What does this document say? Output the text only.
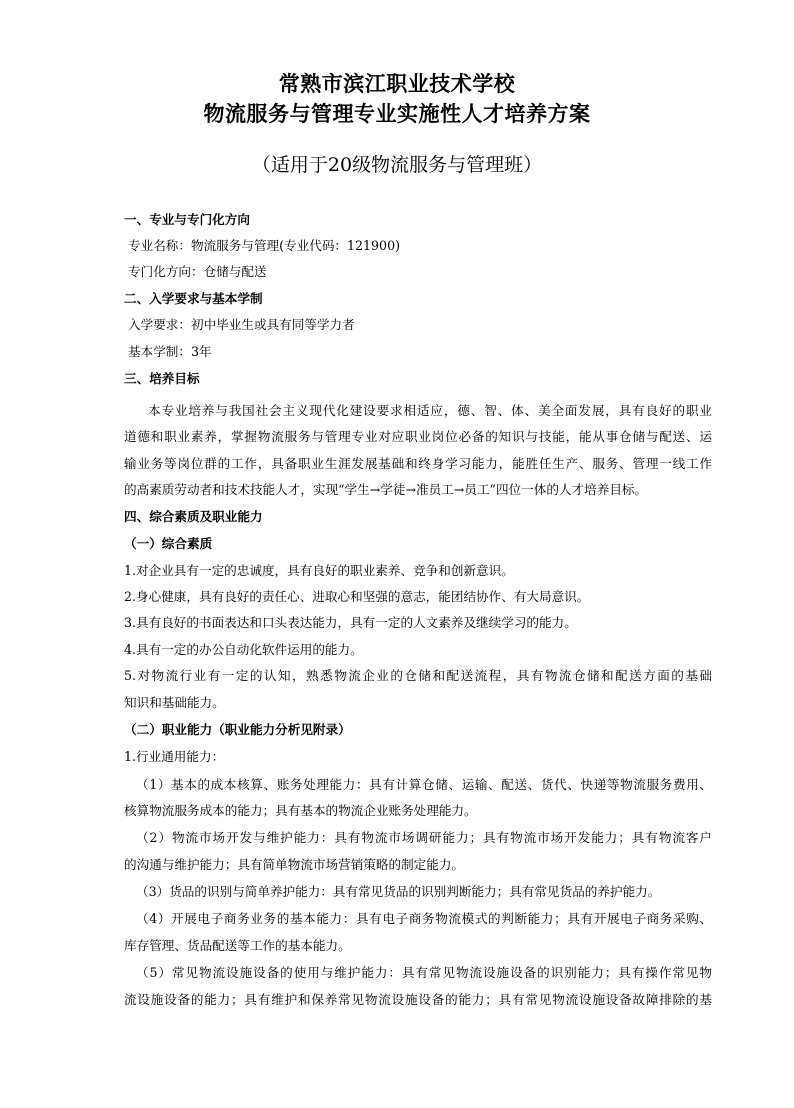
常熟市滨江职业技术学校
物流服务与管理专业实施性人才培养方案
（适用于20级物流服务与管理班）
一、专业与专门化方向
专业名称：物流服务与管理(专业代码：121900)
专门化方向：仓储与配送
二、入学要求与基本学制
入学要求：初中毕业生或具有同等学力者
基本学制：3年
三、培养目标
本专业培养与我国社会主义现代化建设要求相适应，德、智、体、美全面发展，具有良好的职业
道德和职业素养，掌握物流服务与管理专业对应职业岗位必备的知识与技能，能从事仓储与配送、运
输业务等岗位群的工作，具备职业生涯发展基础和终身学习能力，能胜任生产、服务、管理一线工作
的高素质劳动者和技术技能人才，实现“学生→学徒→准员工→员工”四位一体的人才培养目标。
四、综合素质及职业能力
（一）综合素质
1.对企业具有一定的忠诚度，具有良好的职业素养、竞争和创新意识。
2.身心健康，具有良好的责任心、进取心和坚强的意志，能团结协作、有大局意识。
3.具有良好的书面表达和口头表达能力，具有一定的人文素养及继续学习的能力。
4.具有一定的办公自动化软件运用的能力。
5.对物流行业有一定的认知，熟悉物流企业的仓储和配送流程，具有物流仓储和配送方面的基础
知识和基础能力。
（二）职业能力（职业能力分析见附录）
1.行业通用能力：
（1）基本的成本核算、账务处理能力：具有计算仓储、运输、配送、货代、快递等物流服务费用、
核算物流服务成本的能力；具有基本的物流企业账务处理能力。
（2）物流市场开发与维护能力：具有物流市场调研能力；具有物流市场开发能力；具有物流客户
的沟通与维护能力；具有简单物流市场营销策略的制定能力。
（3）货品的识别与简单养护能力：具有常见货品的识别判断能力；具有常见货品的养护能力。
（4）开展电子商务业务的基本能力：具有电子商务物流模式的判断能力；具有开展电子商务采购、
库存管理、货品配送等工作的基本能力。
（5）常见物流设施设备的使用与维护能力：具有常见物流设施设备的识别能力；具有操作常见物
流设施设备的能力；具有维护和保养常见物流设施设备的能力；具有常见物流设施设备故障排除的基
